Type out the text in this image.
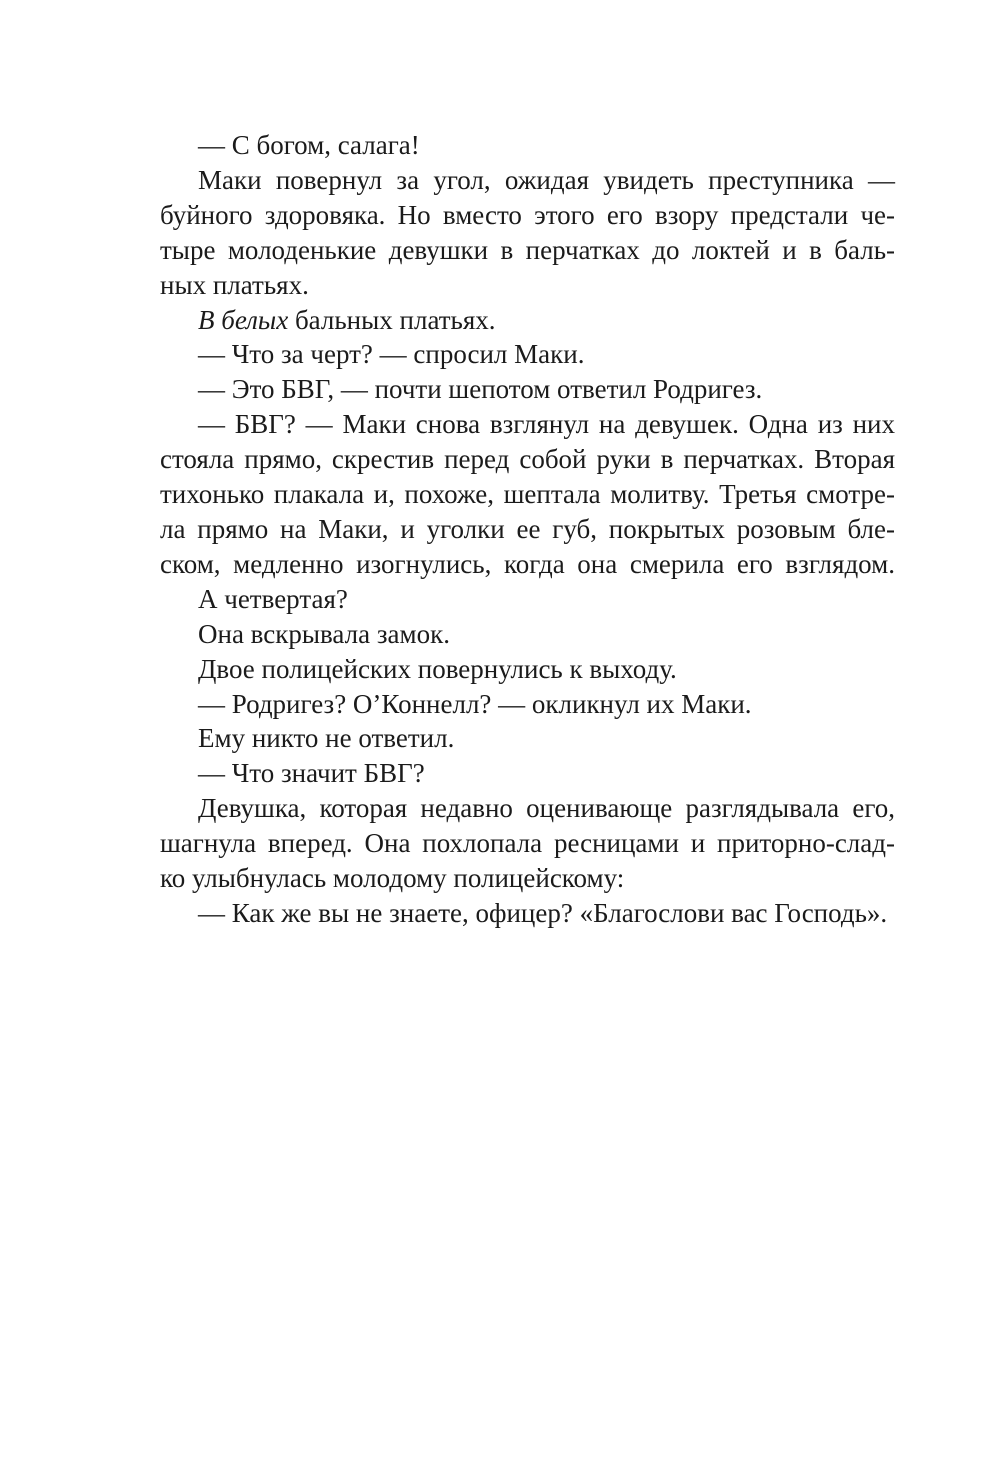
— С богом, салага!
Маки повернул за угол, ожидая увидеть преступника —
буйного здоровяка. Но вместо этого его взору предстали че-
тыре молоденькие девушки в перчатках до локтей и в баль-
ных платьях.
В белых бальных платьях.
— Что за черт? — спросил Маки.
— Это БВГ, — почти шепотом ответил Родригез.
— БВГ? — Маки снова взглянул на девушек. Одна из них
стояла прямо, скрестив перед собой руки в перчатках. Вторая
тихонько плакала и, похоже, шептала молитву. Третья смотре-
ла прямо на Маки, и уголки ее губ, покрытых розовым бле-
ском, медленно изогнулись, когда она смерила его взглядом.
А четвертая?
Она вскрывала замок.
Двое полицейских повернулись к выходу.
— Родригез? О’Коннелл? — окликнул их Маки.
Ему никто не ответил.
— Что значит БВГ?
Девушка, которая недавно оценивающе разглядывала его,
шагнула вперед. Она похлопала ресницами и приторно-слад-
ко улыбнулась молодому полицейскому:
— Как же вы не знаете, офицер? «Благослови вас Господь».
